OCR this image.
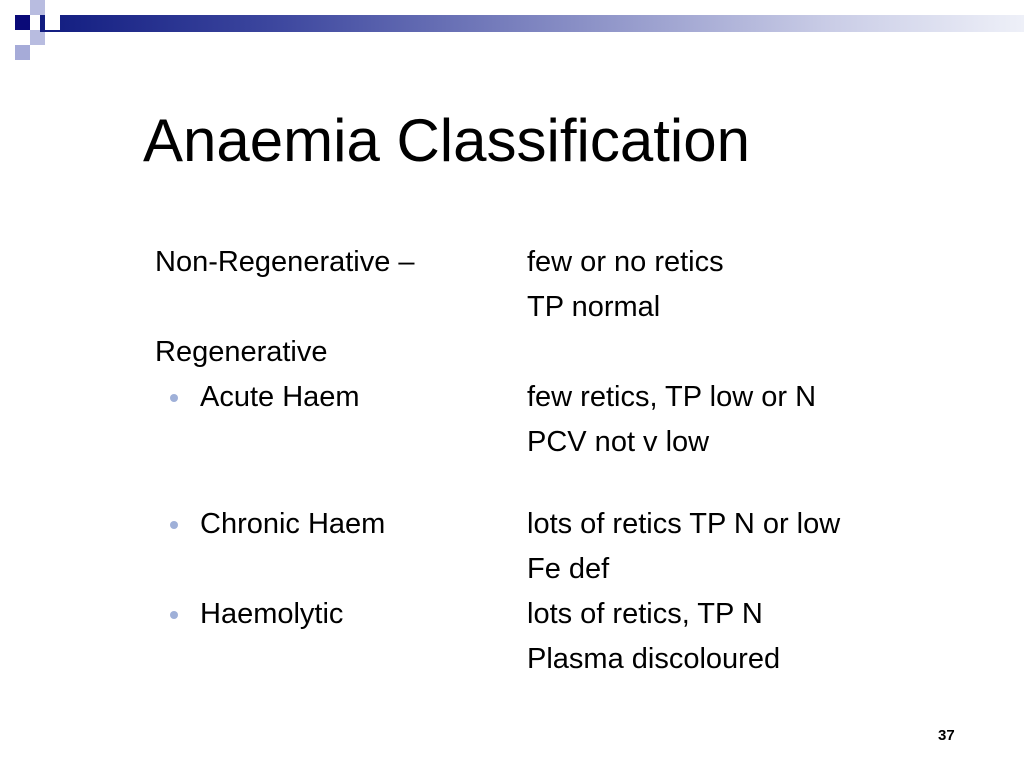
Anaemia Classification
Non-Regenerative –	few or no retics
TP normal
Regenerative
Acute Haem	few retics, TP low or N
PCV not v low
Chronic Haem	lots of retics TP N or low
Fe def
Haemolytic	lots of retics, TP N
Plasma discoloured
37
